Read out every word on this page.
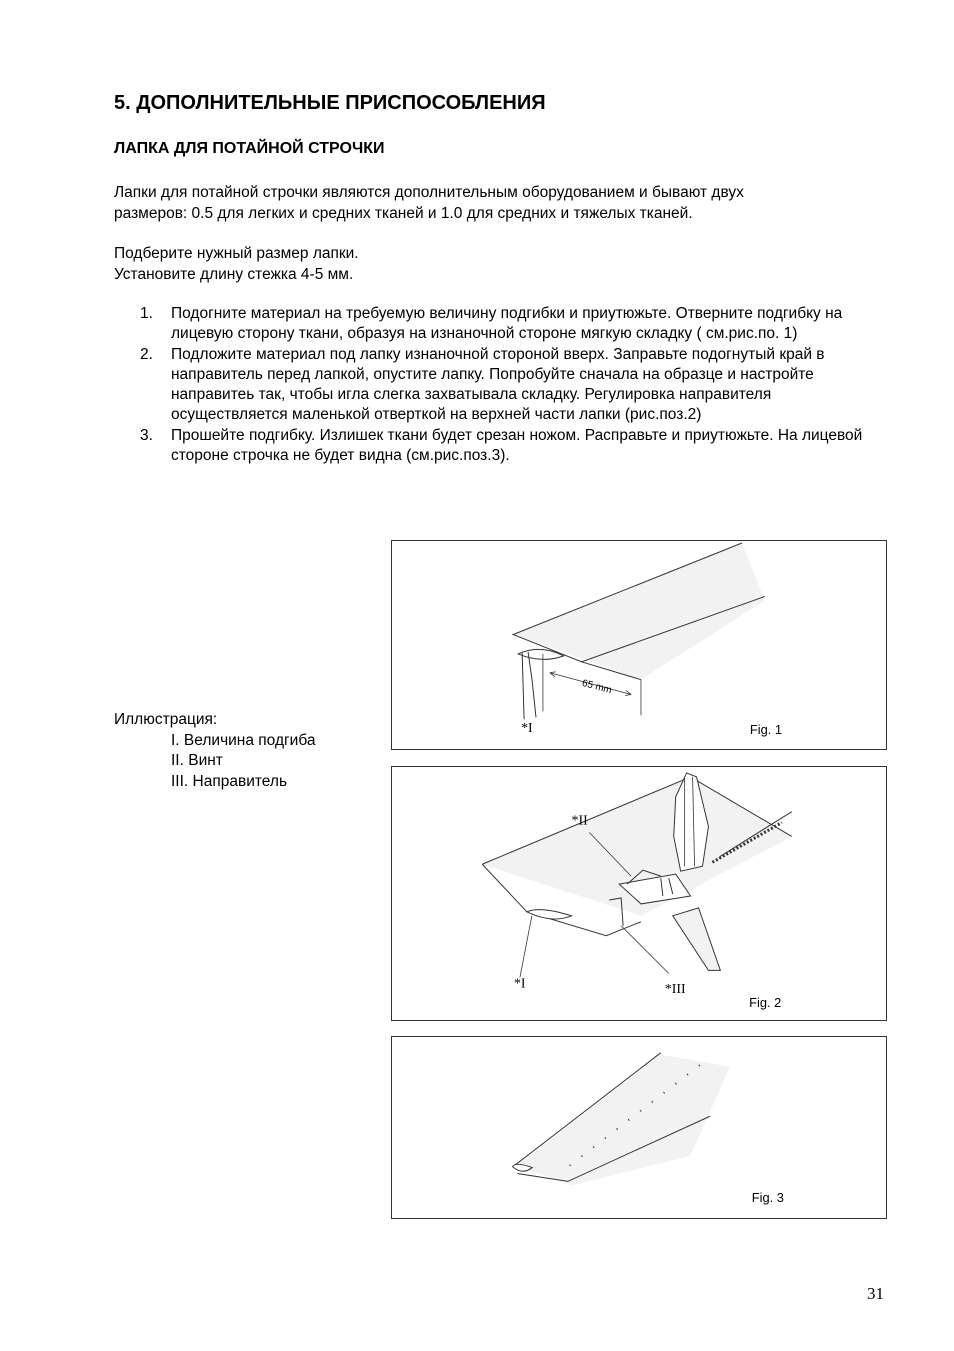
5. ДОПОЛНИТЕЛЬНЫЕ ПРИСПОСОБЛЕНИЯ
ЛАПКА ДЛЯ ПОТАЙНОЙ СТРОЧКИ

Лапки для потайной строчки являются дополнительным оборудованием и бывают двух
размеров: 0.5 для легких и средних тканей и 1.0 для средних и тяжелых тканей.

Подберите нужный размер лапки.
Установите длину стежка 4-5 мм.

1.	Подогните материал на требуемую величину подгибки и приутюжьте. Отверните подгибку на лицевую сторону ткани, образуя на изнаночной стороне мягкую складку ( см.рис.по. 1)
2.	Подложите материал под лапку изнаночной стороной вверх. Заправьте подогнутый край в направитель перед лапкой, опустите лапку. Попробуйте сначала на образце и настройте направитеь так, чтобы игла слегка захватывала складку. Регулировка направителя осуществляется маленькой отверткой на верхней части лапки (рис.поз.2)
3.	Прошейте подгибку. Излишек ткани будет срезан ножом. Расправьте и приутюжьте. На лицевой стороне строчка не будет видна (см.рис.поз.3).
Иллюстрация:
I. Величина подгиба
II. Винт
III. Направитель
65 mm
*I	Fig. 1
*II
*I	*III
Fig. 2
Fig. 3
31
